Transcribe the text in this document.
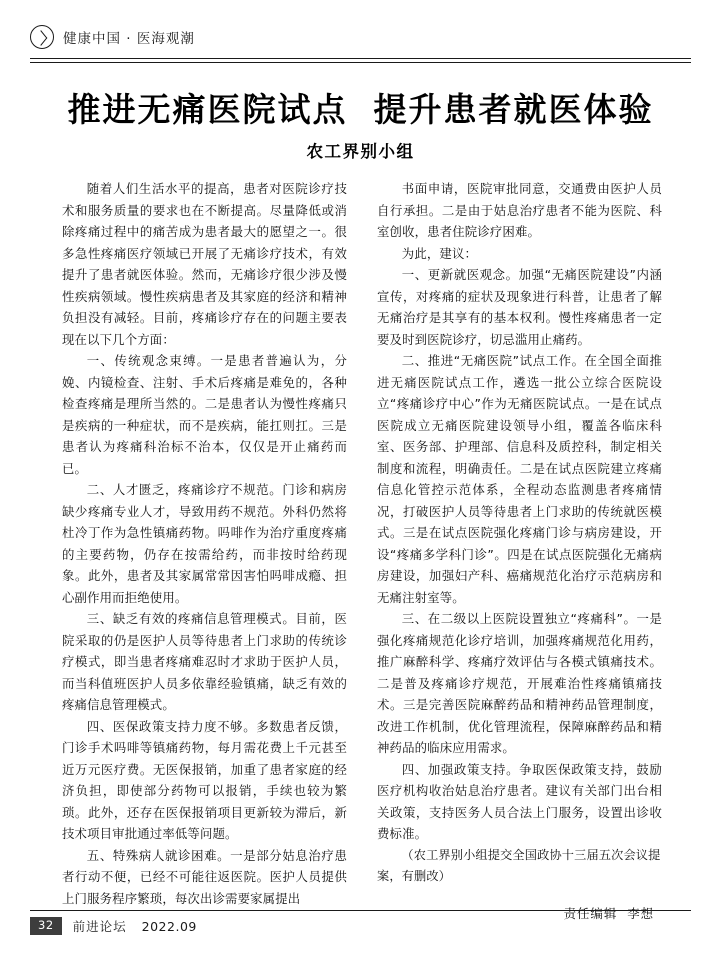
健康中国 · 医海观潮
推进无痛医院试点 提升患者就医体验
农工界别小组

随着人们生活水平的提高，患者对医院诊疗技术和服务质量的要求也在不断提高。尽量降低或消除疼痛过程中的痛苦成为患者最大的愿望之一。很多急性疼痛医疗领域已开展了无痛诊疗技术，有效提升了患者就医体验。然而，无痛诊疗很少涉及慢性疾病领域。慢性疾病患者及其家庭的经济和精神负担没有减轻。目前，疼痛诊疗存在的问题主要表现在以下几个方面：

一、传统观念束缚。一是患者普遍认为，分娩、内镜检查、注射、手术后疼痛是难免的，各种检查疼痛是理所当然的。二是患者认为慢性疼痛只是疾病的一种症状，而不是疾病，能扛则扛。三是患者认为疼痛科治标不治本，仅仅是开止痛药而已。

二、人才匮乏，疼痛诊疗不规范。门诊和病房缺少疼痛专业人才，导致用药不规范。外科仍然将杜冷丁作为急性镇痛药物。吗啡作为治疗重度疼痛的主要药物，仍存在按需给药，而非按时给药现象。此外，患者及其家属常常因害怕吗啡成瘾、担心副作用而拒绝使用。

三、缺乏有效的疼痛信息管理模式。目前，医院采取的仍是医护人员等待患者上门求助的传统诊疗模式，即当患者疼痛难忍时才求助于医护人员，而当科值班医护人员多依靠经验镇痛，缺乏有效的疼痛信息管理模式。

四、医保政策支持力度不够。多数患者反馈，门诊手术吗啡等镇痛药物，每月需花费上千元甚至近万元医疗费。无医保报销，加重了患者家庭的经济负担，即使部分药物可以报销，手续也较为繁琐。此外，还存在医保报销项目更新较为滞后，新技术项目审批通过率低等问题。

五、特殊病人就诊困难。一是部分姑息治疗患者行动不便，已经不可能往返医院。医护人员提供上门服务程序繁琐，每次出诊需要家属提出

书面申请，医院审批同意，交通费由医护人员自行承担。二是由于姑息治疗患者不能为医院、科室创收，患者住院诊疗困难。

为此，建议：

一、更新就医观念。加强“无痛医院建设”内涵宣传，对疼痛的症状及现象进行科普，让患者了解无痛治疗是其享有的基本权利。慢性疼痛患者一定要及时到医院诊疗，切忌滥用止痛药。

二、推进“无痛医院”试点工作。在全国全面推进无痛医院试点工作，遴选一批公立综合医院设立“疼痛诊疗中心”作为无痛医院试点。一是在试点医院成立无痛医院建设领导小组，覆盖各临床科室、医务部、护理部、信息科及质控科，制定相关制度和流程，明确责任。二是在试点医院建立疼痛信息化管控示范体系，全程动态监测患者疼痛情况，打破医护人员等待患者上门求助的传统就医模式。三是在试点医院强化疼痛门诊与病房建设，开设“疼痛多学科门诊”。四是在试点医院强化无痛病房建设，加强妇产科、癌痛规范化治疗示范病房和无痛注射室等。

三、在二级以上医院设置独立“疼痛科”。一是强化疼痛规范化诊疗培训，加强疼痛规范化用药，推广麻醉科学、疼痛疗效评估与各模式镇痛技术。二是普及疼痛诊疗规范，开展难治性疼痛镇痛技术。三是完善医院麻醉药品和精神药品管理制度，改进工作机制，优化管理流程，保障麻醉药品和精神药品的临床应用需求。

四、加强政策支持。争取医保政策支持，鼓励医疗机构收治姑息治疗患者。建议有关部门出台相关政策，支持医务人员合法上门服务，设置出诊收费标准。

（农工界别小组提交全国政协十三届五次会议提案，有删改）

责任编辑 李想
32	前进论坛 2022.09
